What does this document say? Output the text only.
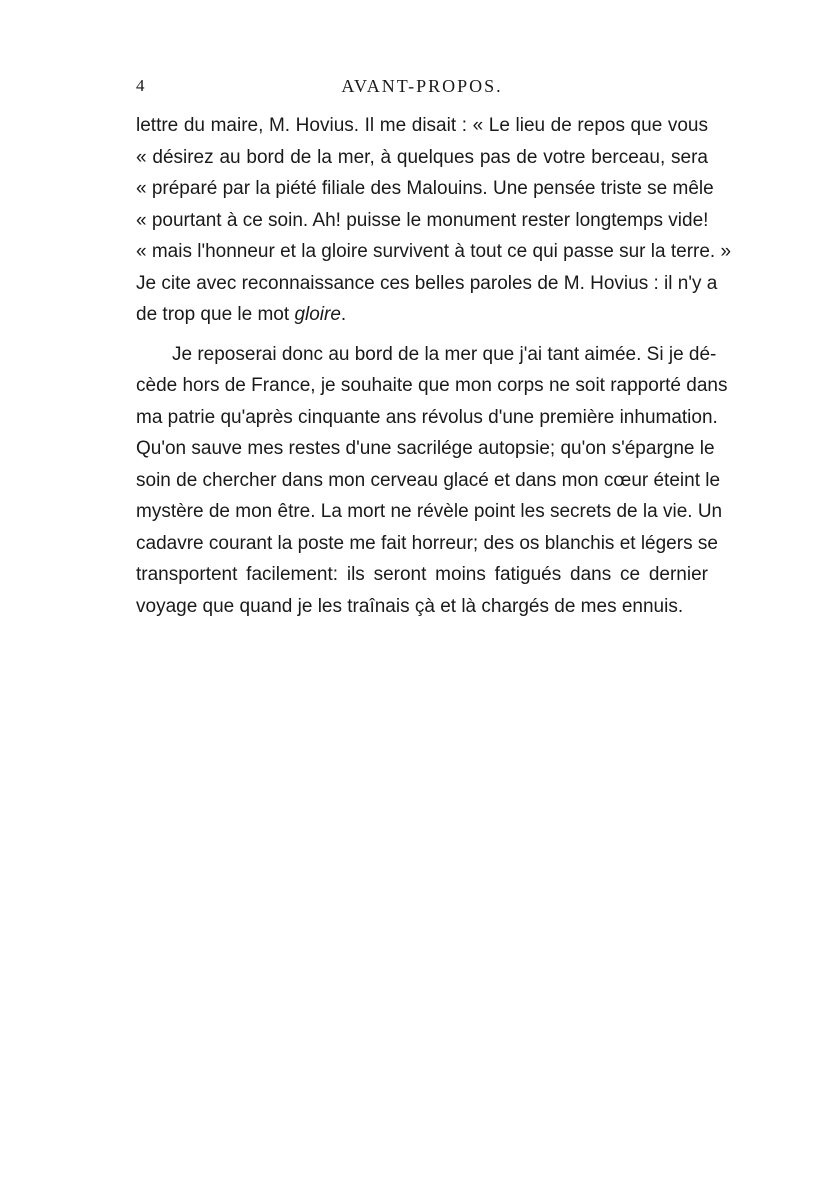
4	AVANT-PROPOS.
lettre du maire, M. Hovius. Il me disait : « Le lieu de repos que vous
« désirez au bord de la mer, à quelques pas de votre berceau, sera
« préparé par la piété filiale des Malouins. Une pensée triste se mêle
« pourtant à ce soin. Ah! puisse le monument rester longtemps vide!
« mais l'honneur et la gloire survivent à tout ce qui passe sur la terre. »
Je cite avec reconnaissance ces belles paroles de M. Hovius : il n'y a
de trop que le mot gloire.
Je reposerai donc au bord de la mer que j'ai tant aimée. Si je dé-
cède hors de France, je souhaite que mon corps ne soit rapporté dans
ma patrie qu'après cinquante ans révolus d'une première inhumation.
Qu'on sauve mes restes d'une sacrilége autopsie; qu'on s'épargne le
soin de chercher dans mon cerveau glacé et dans mon cœur éteint le
mystère de mon être. La mort ne révèle point les secrets de la vie. Un
cadavre courant la poste me fait horreur; des os blanchis et légers se
transportent facilement: ils seront moins fatigués dans ce dernier
voyage que quand je les traînais çà et là chargés de mes ennuis.
